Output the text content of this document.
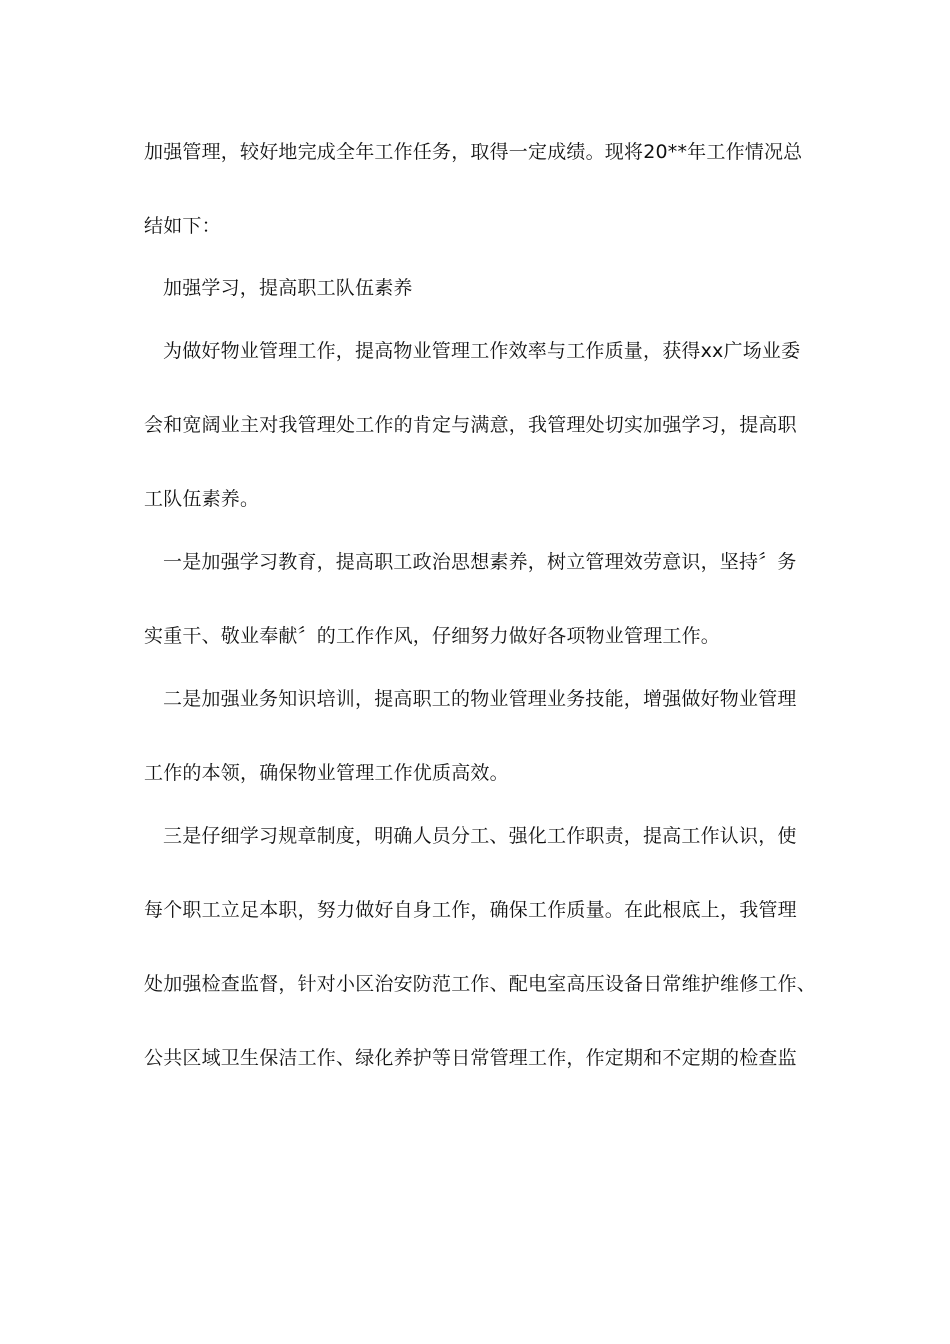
加强管理，较好地完成全年工作任务，取得一定成绩。现将20**年工作情况总
结如下：
加强学习，提高职工队伍素养
为做好物业管理工作，提高物业管理工作效率与工作质量，获得xx广场业委
会和宽阔业主对我管理处工作的肯定与满意，我管理处切实加强学习，提高职
工队伍素养。
一是加强学习教育，提高职工政治思想素养，树立管理效劳意识，坚持〞务
实重干、敬业奉献〞的工作作风，仔细努力做好各项物业管理工作。
二是加强业务知识培训，提高职工的物业管理业务技能，增强做好物业管理
工作的本领，确保物业管理工作优质高效。
三是仔细学习规章制度，明确人员分工、强化工作职责，提高工作认识，使
每个职工立足本职，努力做好自身工作，确保工作质量。在此根底上，我管理
处加强检查监督，针对小区治安防范工作、配电室高压设备日常维护维修工作、
公共区域卫生保洁工作、绿化养护等日常管理工作，作定期和不定期的检查监
